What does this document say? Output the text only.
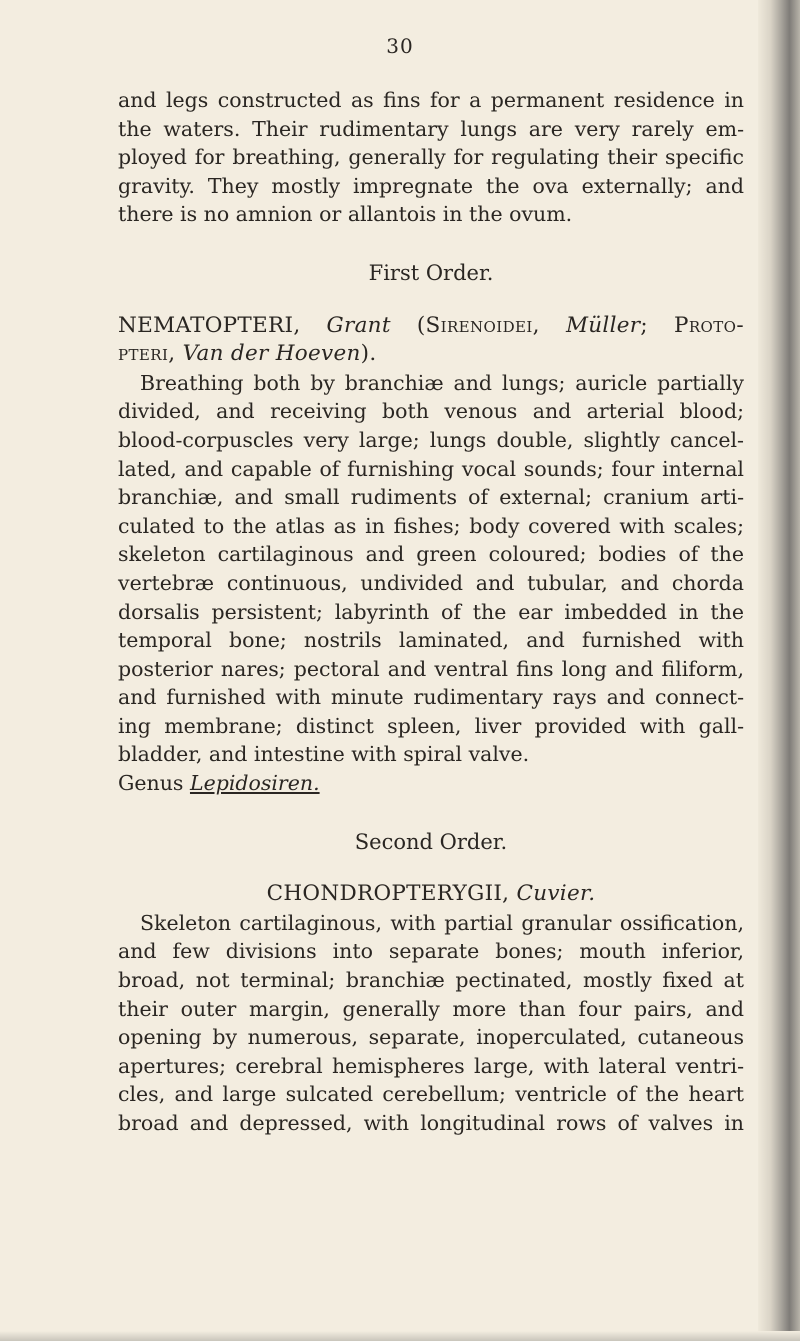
30
and legs constructed as fins for a permanent residence in
the waters. Their rudimentary lungs are very rarely em-
ployed for breathing, generally for regulating their specific
gravity. They mostly impregnate the ova externally; and
there is no amnion or allantois in the ovum.
First Order.
NEMATOPTERI, Grant (Sirenoidei, Müller; Proto-
pteri, Van der Hoeven).
Breathing both by branchiæ and lungs; auricle partially
divided, and receiving both venous and arterial blood;
blood-corpuscles very large; lungs double, slightly cancel-
lated, and capable of furnishing vocal sounds; four internal
branchiæ, and small rudiments of external; cranium arti-
culated to the atlas as in fishes; body covered with scales;
skeleton cartilaginous and green coloured; bodies of the
vertebræ continuous, undivided and tubular, and chorda
dorsalis persistent; labyrinth of the ear imbedded in the
temporal bone; nostrils laminated, and furnished with
posterior nares; pectoral and ventral fins long and filiform,
and furnished with minute rudimentary rays and connect-
ing membrane; distinct spleen, liver provided with gall-
bladder, and intestine with spiral valve.
Genus Lepidosiren.
Second Order.
CHONDROPTERYGII, Cuvier.
Skeleton cartilaginous, with partial granular ossification,
and few divisions into separate bones; mouth inferior,
broad, not terminal; branchiæ pectinated, mostly fixed at
their outer margin, generally more than four pairs, and
opening by numerous, separate, inoperculated, cutaneous
apertures; cerebral hemispheres large, with lateral ventri-
cles, and large sulcated cerebellum; ventricle of the heart
broad and depressed, with longitudinal rows of valves in
